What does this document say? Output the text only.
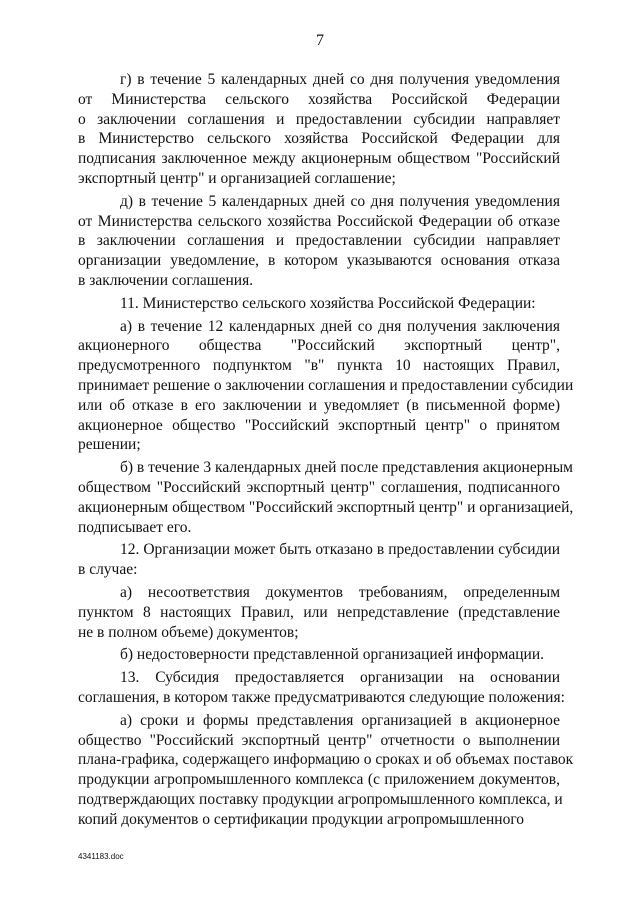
7
г) в течение 5 календарных дней со дня получения уведомления
от Министерства сельского хозяйства Российской Федерации
о заключении соглашения и предоставлении субсидии направляет
в Министерство сельского хозяйства Российской Федерации для
подписания заключенное между акционерным обществом "Российский
экспортный центр" и организацией соглашение;
д) в течение 5 календарных дней со дня получения уведомления
от Министерства сельского хозяйства Российской Федерации об отказе
в заключении соглашения и предоставлении субсидии направляет
организации уведомление, в котором указываются основания отказа
в заключении соглашения.
11. Министерство сельского хозяйства Российской Федерации:
а) в течение 12 календарных дней со дня получения заключения
акционерного общества "Российский экспортный центр",
предусмотренного подпунктом "в" пункта 10 настоящих Правил,
принимает решение о заключении соглашения и предоставлении субсидии
или об отказе в его заключении и уведомляет (в письменной форме)
акционерное общество "Российский экспортный центр" о принятом
решении;
б) в течение 3 календарных дней после представления акционерным
обществом "Российский экспортный центр" соглашения, подписанного
акционерным обществом "Российский экспортный центр" и организацией,
подписывает его.
12. Организации может быть отказано в предоставлении субсидии
в случае:
а) несоответствия документов требованиям, определенным
пунктом 8 настоящих Правил, или непредставление (представление
не в полном объеме) документов;
б) недостоверности представленной организацией информации.
13. Субсидия предоставляется организации на основании
соглашения, в котором также предусматриваются следующие положения:
а) сроки и формы представления организацией в акционерное
общество "Российский экспортный центр" отчетности о выполнении
плана-графика, содержащего информацию о сроках и об объемах поставок
продукции агропромышленного комплекса (с приложением документов,
подтверждающих поставку продукции агропромышленного комплекса, и
копий документов о сертификации продукции агропромышленного
4341183.doc
